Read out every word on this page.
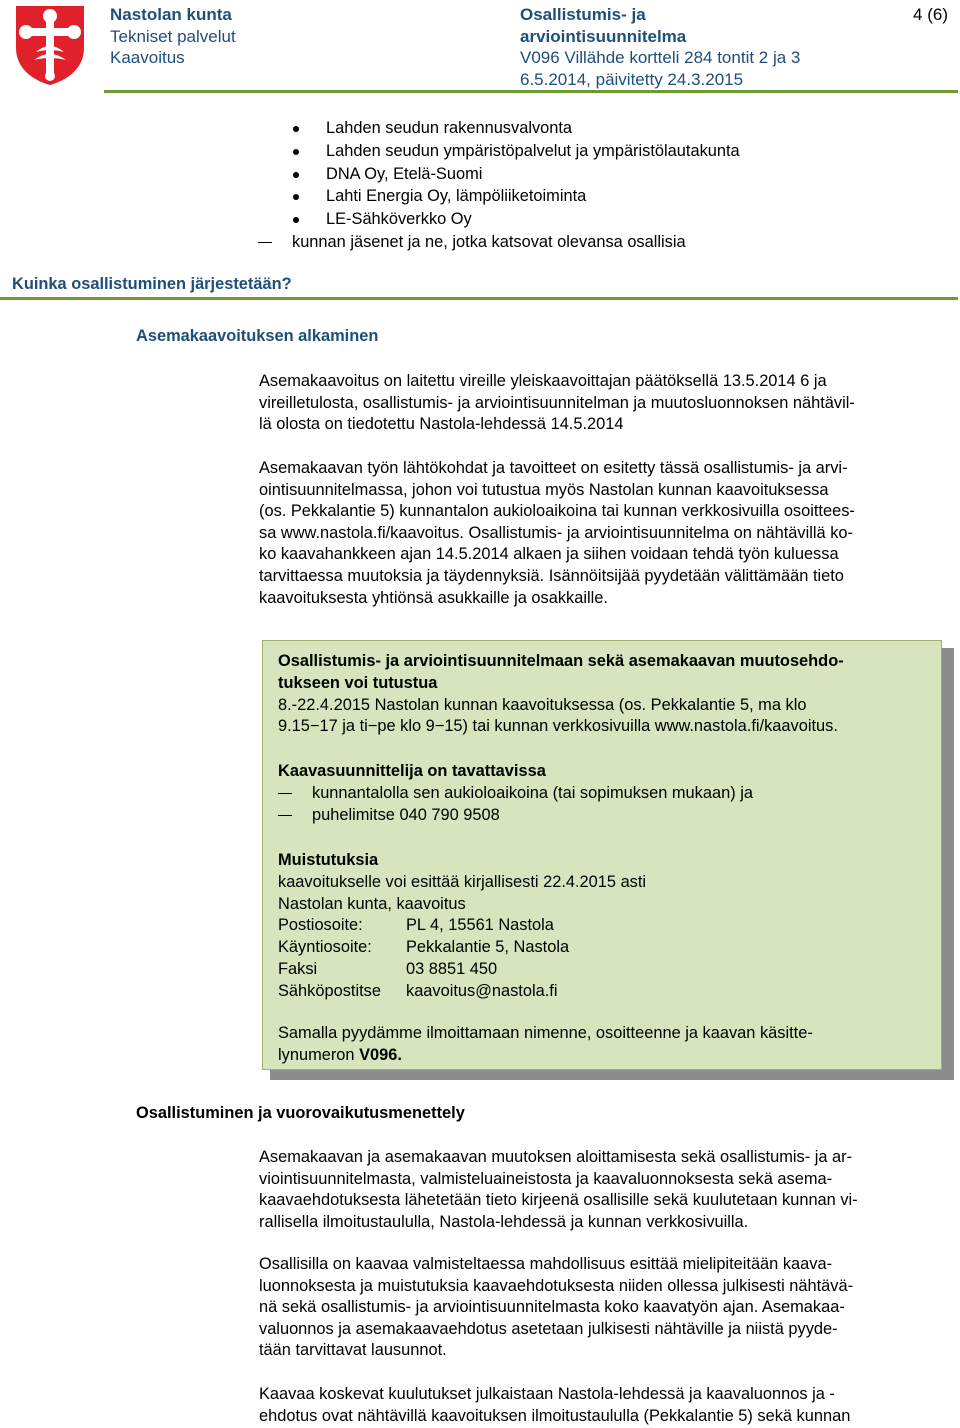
Nastolan kunta
Tekniset palvelut
Kaavoitus
Osallistumis- ja
arviointisuunnitelma
V096 Villähde kortteli 284 tontit 2 ja 3
6.5.2014, päivitetty 24.3.2015
4 (6)
Lahden seudun rakennusvalvonta
Lahden seudun ympäristöpalvelut ja ympäristölautakunta
DNA Oy, Etelä-Suomi
Lahti Energia Oy, lämpöliiketoiminta
LE-Sähköverkko Oy
kunnan jäsenet ja ne, jotka katsovat olevansa osallisia
Kuinka osallistuminen järjestetään?
Asemakaavoituksen alkaminen

Asemakaavoitus on laitettu vireille yleiskaavoittajan päätöksellä 13.5.2014 6 ja

vireilletulosta, osallistumis- ja arviointisuunnitelman ja muutosluonnoksen nähtävil-

lä olosta on tiedotettu Nastola-lehdessä 14.5.2014

Asemakaavan työn lähtökohdat ja tavoitteet on esitetty tässä osallistumis- ja arvi-

ointisuunnitelmassa, johon voi tutustua myös Nastolan kunnan kaavoituksessa

(os. Pekkalantie 5) kunnantalon aukioloaikoina tai kunnan verkkosivuilla osoittees-

sa www.nastola.fi/kaavoitus. Osallistumis- ja arviointisuunnitelma on nähtävillä ko-

ko kaavahankkeen ajan 14.5.2014 alkaen ja siihen voidaan tehdä työn kuluessa

tarvittaessa muutoksia ja täydennyksiä. Isännöitsijää pyydetään välittämään tieto

kaavoituksesta yhtiönsä asukkaille ja osakkaille.

Osallistumis- ja arviointisuunnitelmaan sekä asemakaavan muutosehdo-

tukseen voi tutustua

8.-22.4.2015 Nastolan kunnan kaavoituksessa (os. Pekkalantie 5, ma klo

9.15−17 ja ti−pe klo 9−15) tai kunnan verkkosivuilla www.nastola.fi/kaavoitus.

Kaavasuunnittelija on tavattavissa

kunnantalolla sen aukioloaikoina (tai sopimuksen mukaan) ja
puhelimitse 040 790 9508

Muistutuksia

kaavoitukselle voi esittää kirjallisesti 22.4.2015 asti

Nastolan kunta, kaavoitus

Postiosoite:	PL 4, 15561 Nastola
Käyntiosoite:	Pekkalantie 5, Nastola
Faksi	03 8851 450
Sähköpostitse	kaavoitus@nastola.fi

Samalla pyydämme ilmoittamaan nimenne, osoitteenne ja kaavan käsitte-

lynumeron V096.

Osallistuminen ja vuorovaikutusmenettely

Asemakaavan ja asemakaavan muutoksen aloittamisesta sekä osallistumis- ja ar-

viointisuunnitelmasta, valmisteluaineistosta ja kaavaluonnoksesta sekä asema-

kaavaehdotuksesta lähetetään tieto kirjeenä osallisille sekä kuulutetaan kunnan vi-

rallisella ilmoitustaululla, Nastola-lehdessä ja kunnan verkkosivuilla.

Osallisilla on kaavaa valmisteltaessa mahdollisuus esittää mielipiteitään kaava-

luonnoksesta ja muistutuksia kaavaehdotuksesta niiden ollessa julkisesti nähtävä-

nä sekä osallistumis- ja arviointisuunnitelmasta koko kaavatyön ajan. Asemakaa-

valuonnos ja asemakaavaehdotus asetetaan julkisesti nähtäville ja niistä pyyde-

tään tarvittavat lausunnot.

Kaavaa koskevat kuulutukset julkaistaan Nastola-lehdessä ja kaavaluonnos ja -

ehdotus ovat nähtävillä kaavoituksen ilmoitustaululla (Pekkalantie 5) sekä kunnan
